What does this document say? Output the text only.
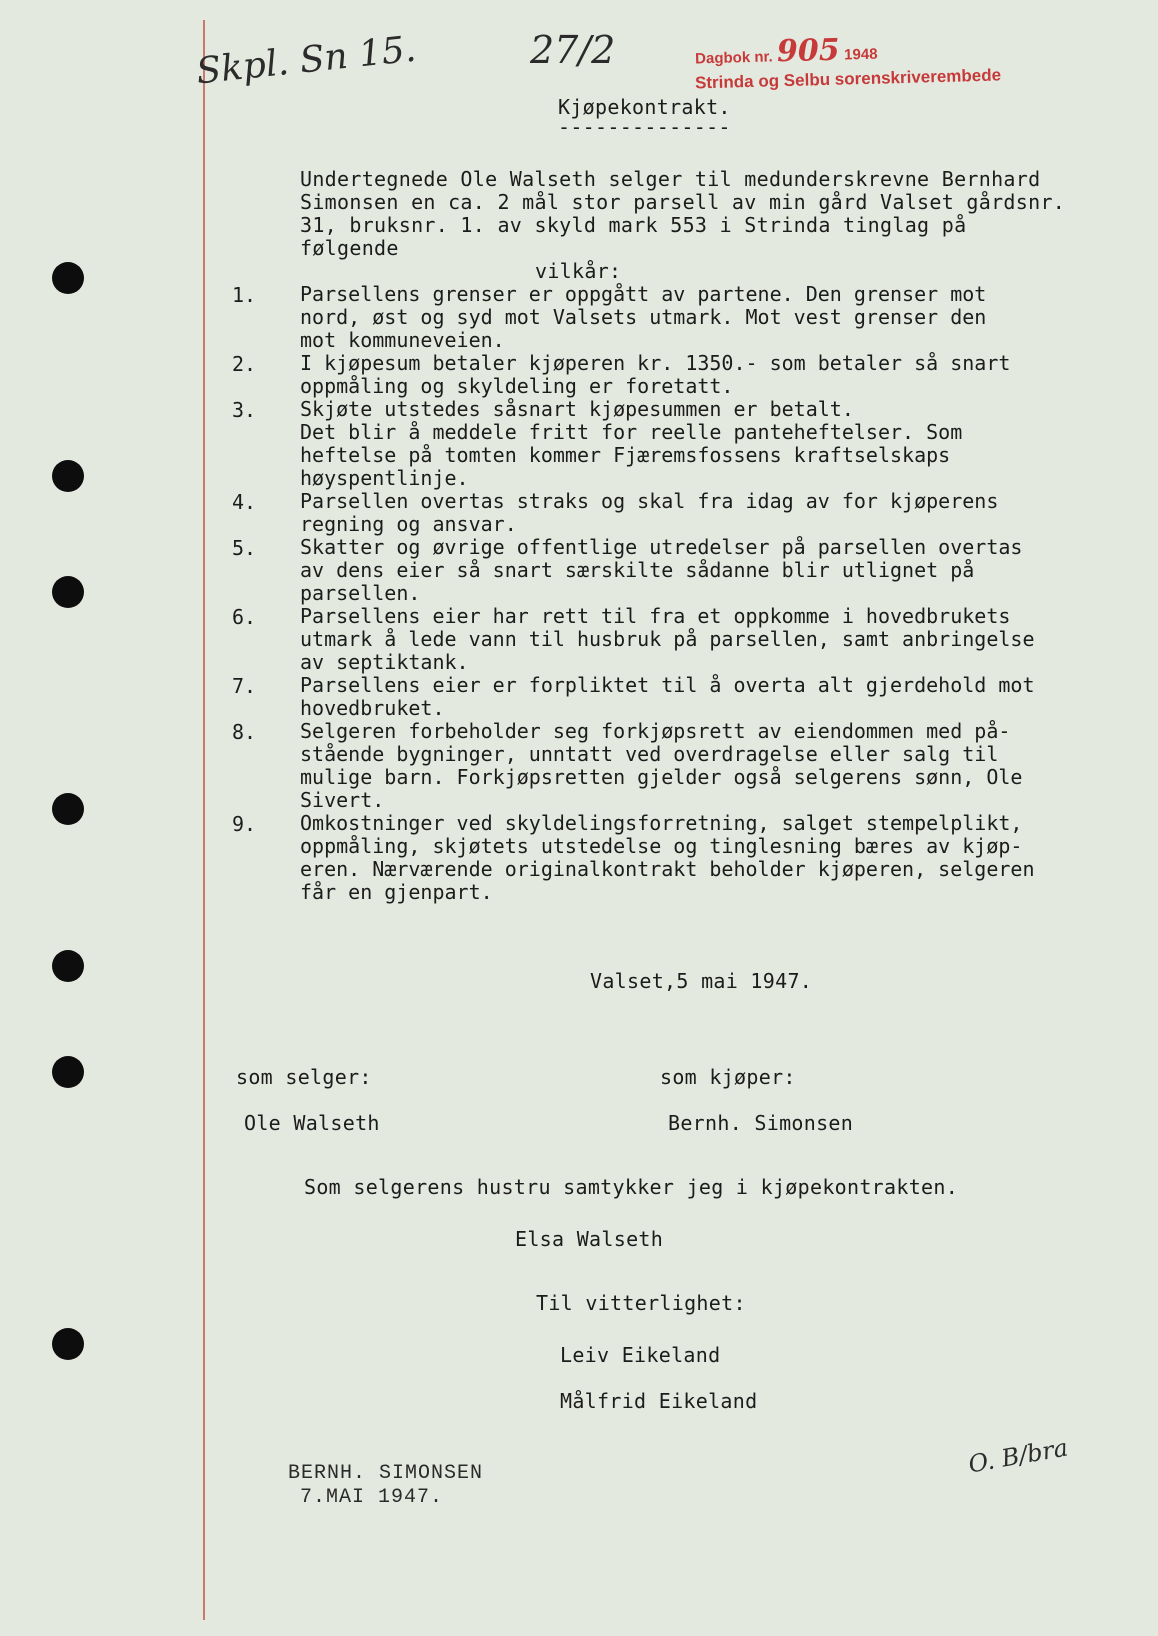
Skpl. Sn 15.	27/2	Dagbok nr. 905 1948
Strinda og Selbu sorenskriverembede
Kjøpekontrakt.
--------------
Undertegnede Ole Walseth selger til medunderskrevne Bernhard
Simonsen en ca. 2 mål stor parsell av min gård Valset gårdsnr.
31, bruksnr. 1. av skyld mark 553 i Strinda tinglag på
følgende
vilkår:
1. Parsellens grenser er oppgått av partene. Den grenser mot
nord, øst og syd mot Valsets utmark. Mot vest grenser den
mot kommuneveien.
2. I kjøpesum betaler kjøperen kr. 1350.- som betaler så snart
oppmåling og skyldeling er foretatt.
3. Skjøte utstedes såsnart kjøpesummen er betalt.
Det blir å meddele fritt for reelle panteheftelser. Som
heftelse på tomten kommer Fjæremsfossens kraftselskaps
høyspentlinje.
4. Parsellen overtas straks og skal fra idag av for kjøperens
regning og ansvar.
5. Skatter og øvrige offentlige utredelser på parsellen overtas
av dens eier så snart særskilte sådanne blir utlignet på
parsellen.
6. Parsellens eier har rett til fra et oppkomme i hovedbrukets
utmark å lede vann til husbruk på parsellen, samt anbringelse
av septiktank.
7. Parsellens eier er forpliktet til å overta alt gjerdehold mot
hovedbruket.
8. Selgeren forbeholder seg forkjøpsrett av eiendommen med på-
stående bygninger, unntatt ved overdragelse eller salg til
mulige barn. Forkjøpsretten gjelder også selgerens sønn, Ole
Sivert.
9. Omkostninger ved skyldelingsforretning, salget stempelplikt,
oppmåling, skjøtets utstedelse og tinglesning bæres av kjøp-
eren. Nærværende originalkontrakt beholder kjøperen, selgeren
får en gjenpart.
Valset,5 mai 1947.
som selger:	som kjøper:
Ole Walseth	Bernh. Simonsen
Som selgerens hustru samtykker jeg i kjøpekontrakten.
Elsa Walseth
Til vitterlighet:
Leiv Eikeland
Målfrid Eikeland
BERNH. SIMONSEN
7.MAI 1947.
O. B/bra
